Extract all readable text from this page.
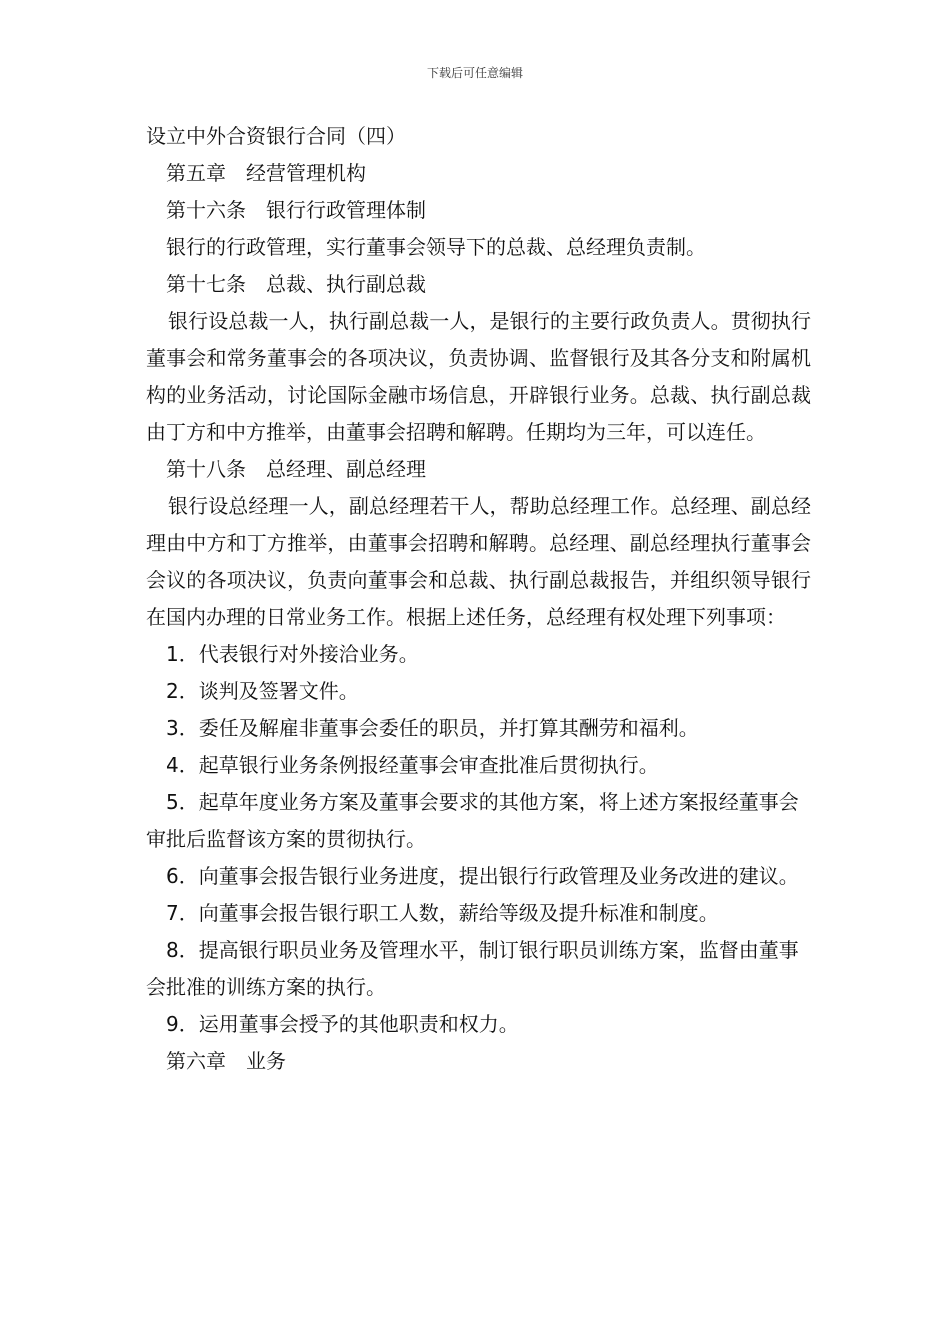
下载后可任意编辑

设立中外合资银行合同（四）

第五章　经营管理机构

第十六条　银行行政管理体制

银行的行政管理，实行董事会领导下的总裁、总经理负责制。

第十七条　总裁、执行副总裁

银行设总裁一人，执行副总裁一人，是银行的主要行政负责人。贯彻执行董事会和常务董事会的各项决议，负责协调、监督银行及其各分支和附属机构的业务活动，讨论国际金融市场信息，开辟银行业务。总裁、执行副总裁由丁方和中方推举，由董事会招聘和解聘。任期均为三年，可以连任。

第十八条　总经理、副总经理

银行设总经理一人，副总经理若干人，帮助总经理工作。总经理、副总经理由中方和丁方推举，由董事会招聘和解聘。总经理、副总经理执行董事会会议的各项决议，负责向董事会和总裁、执行副总裁报告，并组织领导银行在国内办理的日常业务工作。根据上述任务，总经理有权处理下列事项：

1．代表银行对外接洽业务。

2．谈判及签署文件。

3．委任及解雇非董事会委任的职员，并打算其酬劳和福利。

4．起草银行业务条例报经董事会审查批准后贯彻执行。

5．起草年度业务方案及董事会要求的其他方案，将上述方案报经董事会审批后监督该方案的贯彻执行。

6．向董事会报告银行业务进度，提出银行行政管理及业务改进的建议。

7．向董事会报告银行职工人数，薪给等级及提升标准和制度。

8．提高银行职员业务及管理水平，制订银行职员训练方案，监督由董事会批准的训练方案的执行。

9．运用董事会授予的其他职责和权力。

第六章　业务
